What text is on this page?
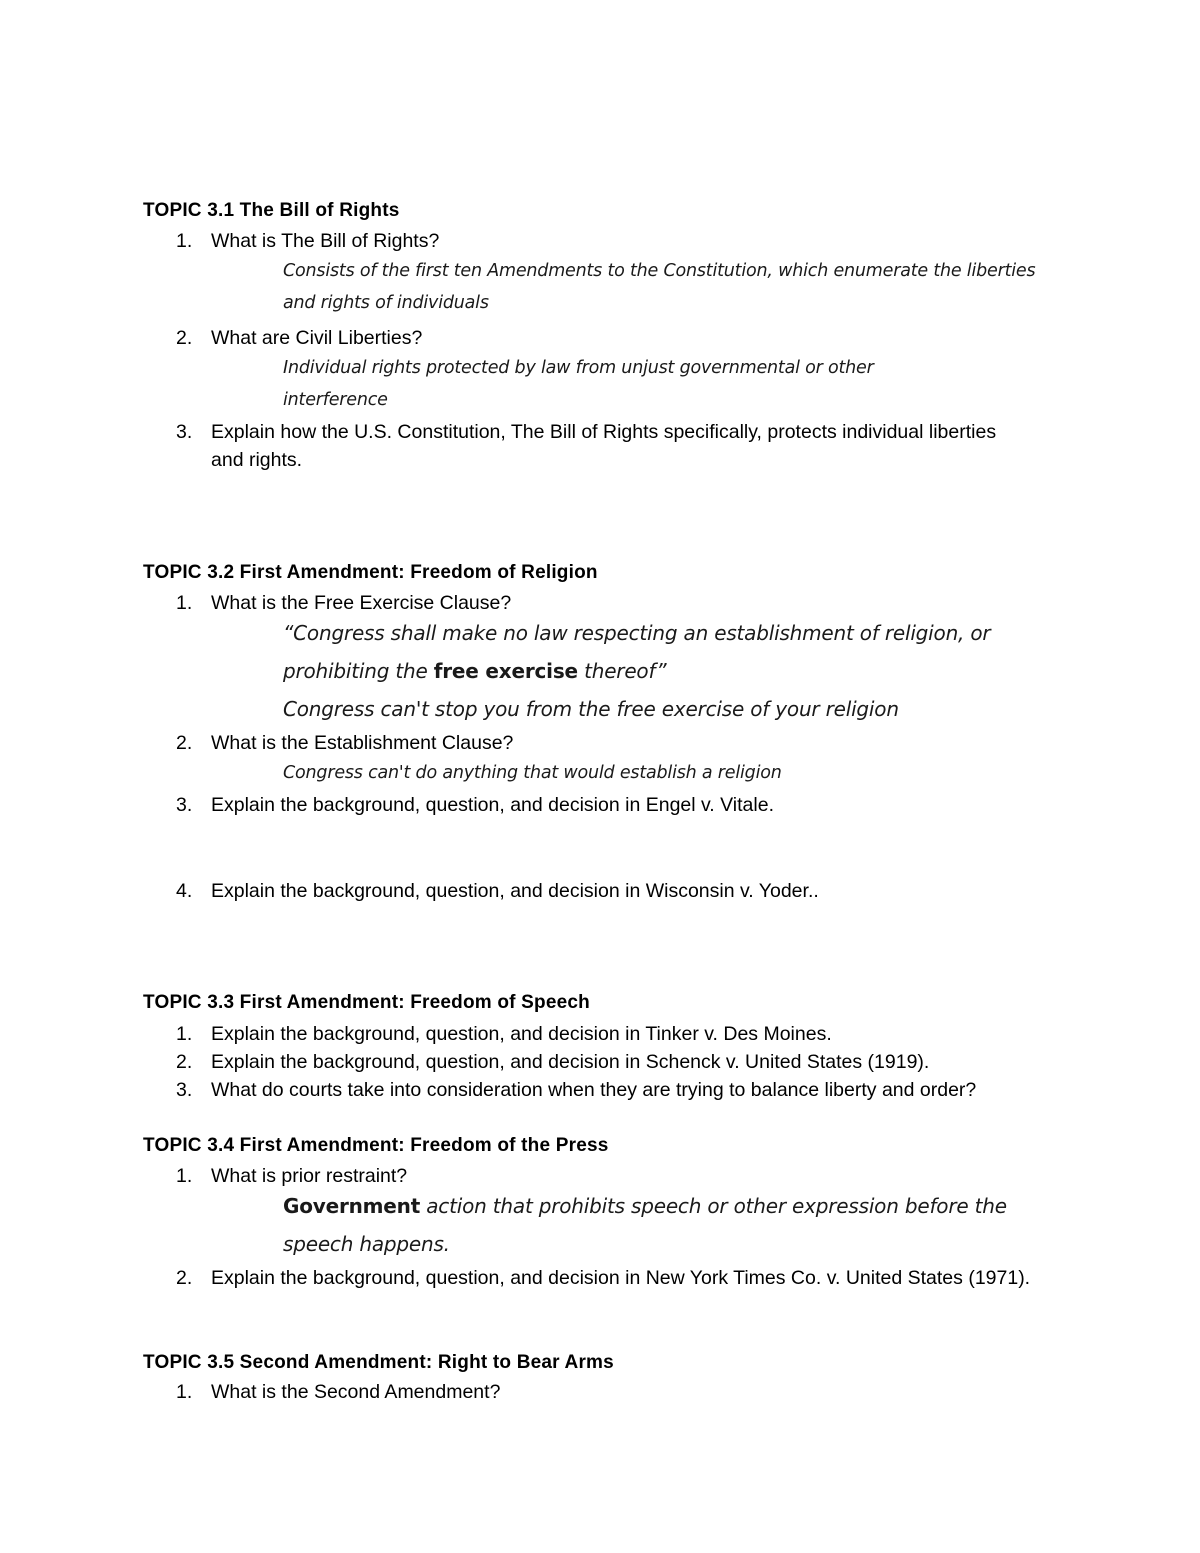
TOPIC 3.1 The Bill of Rights
1. What is The Bill of Rights?
Consists of the first ten Amendments to the Constitution, which enumerate the liberties and rights of individuals
2. What are Civil Liberties?
Individual rights protected by law from unjust governmental or other interference
3. Explain how the U.S. Constitution, The Bill of Rights specifically, protects individual liberties and rights.
TOPIC 3.2 First Amendment: Freedom of Religion
1. What is the Free Exercise Clause?
“Congress shall make no law respecting an establishment of religion, or prohibiting the free exercise thereof”
Congress can't stop you from the free exercise of your religion
2. What is the Establishment Clause?
Congress can't do anything that would establish a religion
3. Explain the background, question, and decision in Engel v. Vitale.
4. Explain the background, question, and decision in Wisconsin v. Yoder..
TOPIC 3.3 First Amendment: Freedom of Speech
1. Explain the background, question, and decision in Tinker v. Des Moines.
2. Explain the background, question, and decision in Schenck v. United States (1919).
3. What do courts take into consideration when they are trying to balance liberty and order?
TOPIC 3.4 First Amendment: Freedom of the Press
1. What is prior restraint?
Government action that prohibits speech or other expression before the speech happens.
2. Explain the background, question, and decision in New York Times Co. v. United States (1971).
TOPIC 3.5 Second Amendment: Right to Bear Arms
1. What is the Second Amendment?
